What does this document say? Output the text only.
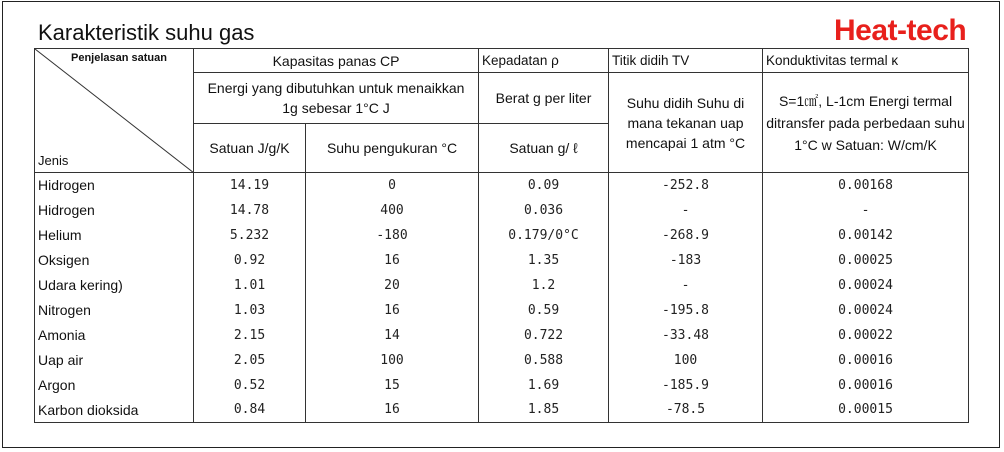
Karakteristik suhu gas	Heat-tech
Penjelasan satuan
Jenis	Kapasitas panas CP		Kepadatan ρ	Titik didih TV	Konduktivitas termal κ
	Energi yang dibutuhkan untuk menaikkan 1g sebesar 1°C J		Berat g per liter	Suhu didih Suhu di mana tekanan uap mencapai 1 atm °C	S=1㎠, L-1cm Energi termal ditransfer pada perbedaan suhu 1°C w Satuan: W/cm/K
	Satuan J/g/K	Suhu pengukuran °C	Satuan g/ ℓ		
Hidrogen	14.19	0	0.09	-252.8	0.00168
Hidrogen	14.78	400	0.036	-	-
Helium	5.232	-180	0.179/0°C	-268.9	0.00142
Oksigen	0.92	16	1.35	-183	0.00025
Udara kering)	1.01	20	1.2	-	0.00024
Nitrogen	1.03	16	0.59	-195.8	0.00024
Amonia	2.15	14	0.722	-33.48	0.00022
Uap air	2.05	100	0.588	100	0.00016
Argon	0.52	15	1.69	-185.9	0.00016
Karbon dioksida	0.84	16	1.85	-78.5	0.00015
